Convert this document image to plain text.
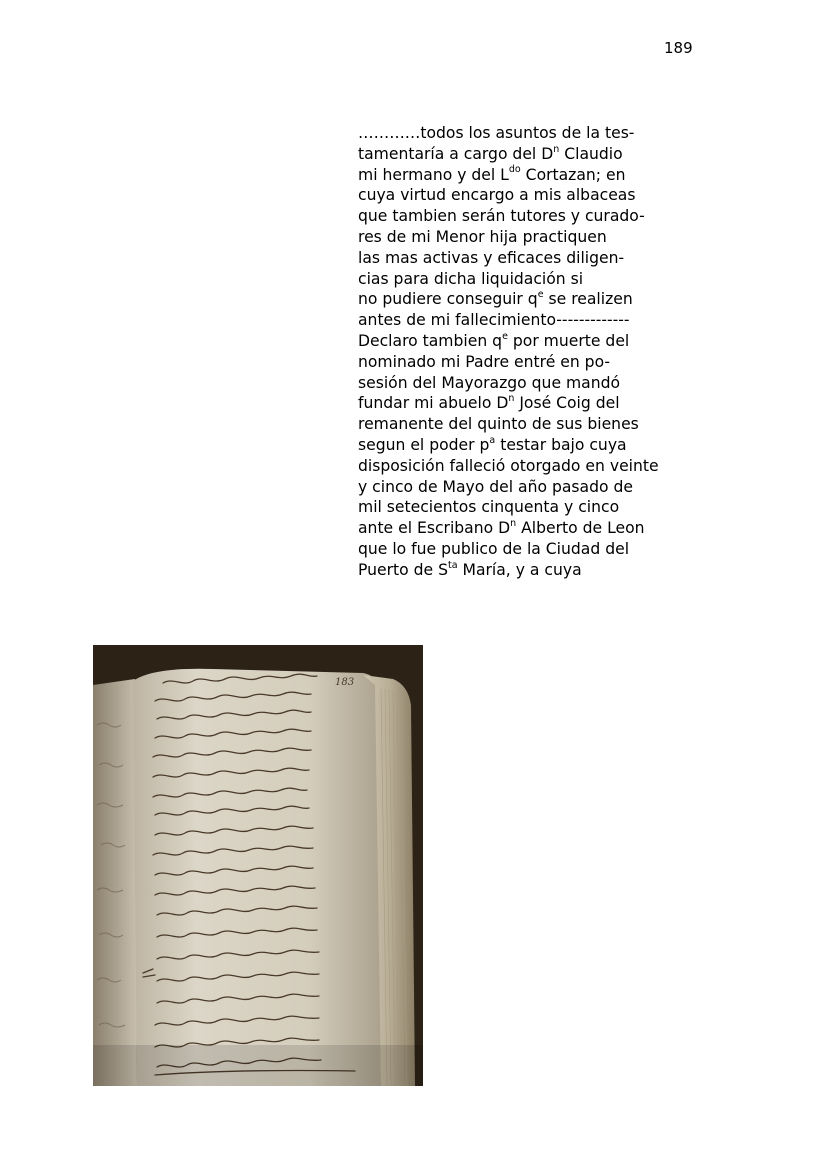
189
…………todos los asuntos de la tes-
tamentaría a cargo del $D^n$ Claudio
mi hermano y del $L^{do}$ Cortazan; en
cuya virtud encargo a mis albaceas
que tambien serán tutores y curado-
res de mi Menor hija practiquen
las mas activas y eficaces diligen-
cias para dicha liquidación si
no pudiere conseguir $q^e$ se realizen
antes de mi fallecimiento-------------
Declaro tambien $q^e$ por muerte del
nominado mi Padre entré en po-
sesión del Mayorazgo que mandó
fundar mi abuelo $D^n$ José Coig del
remanente del quinto de sus bienes
segun el poder $p^a$ testar bajo cuya
disposición falleció otorgado en veinte
y cinco de Mayo del año pasado de
mil setecientos cinquenta y cinco
ante el Escribano $D^n$ Alberto de Leon
que lo fue publico de la Ciudad del
Puerto de $S^{ta}$ María, y a cuya
183
